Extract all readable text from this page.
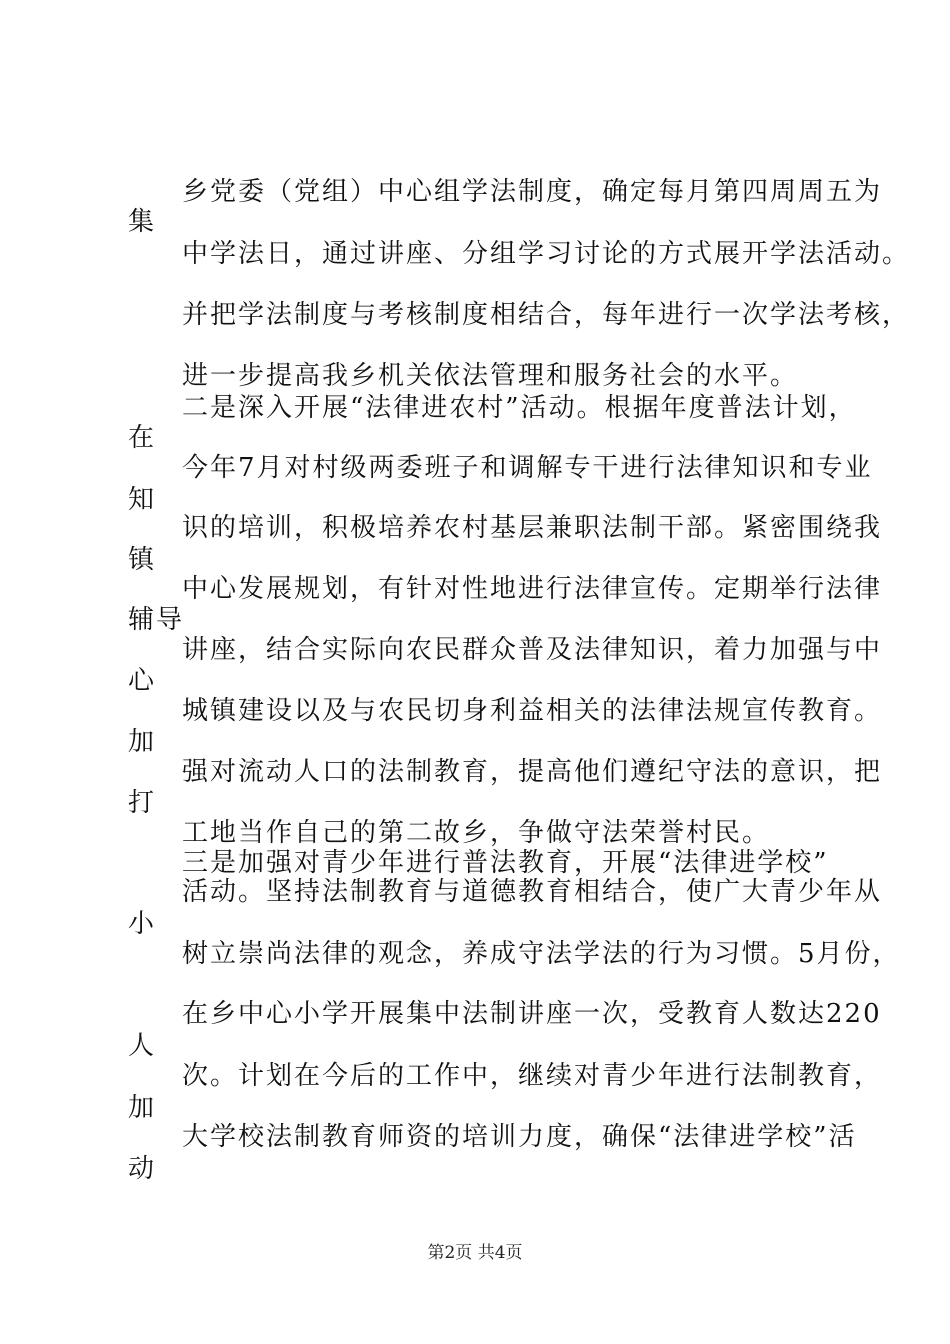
乡党委（党组）中心组学法制度，确定每月第四周周五为
集
中学法日，通过讲座、分组学习讨论的方式展开学法活动。
并把学法制度与考核制度相结合，每年进行一次学法考核，
进一步提高我乡机关依法管理和服务社会的水平。
二是深入开展“法律进农村”活动。根据年度普法计划，
在
今年7月对村级两委班子和调解专干进行法律知识和专业
知
识的培训，积极培养农村基层兼职法制干部。紧密围绕我
镇
中心发展规划，有针对性地进行法律宣传。定期举行法律
辅导
讲座，结合实际向农民群众普及法律知识，着力加强与中
心
城镇建设以及与农民切身利益相关的法律法规宣传教育。
加
强对流动人口的法制教育，提高他们遵纪守法的意识，把
打
工地当作自己的第二故乡，争做守法荣誉村民。
三是加强对青少年进行普法教育，开展“法律进学校”
活动。坚持法制教育与道德教育相结合，使广大青少年从
小
树立崇尚法律的观念，养成守法学法的行为习惯。5月份，
在乡中心小学开展集中法制讲座一次，受教育人数达220
人
次。计划在今后的工作中，继续对青少年进行法制教育，
加
大学校法制教育师资的培训力度，确保“法律进学校”活
动
第2页 共4页
